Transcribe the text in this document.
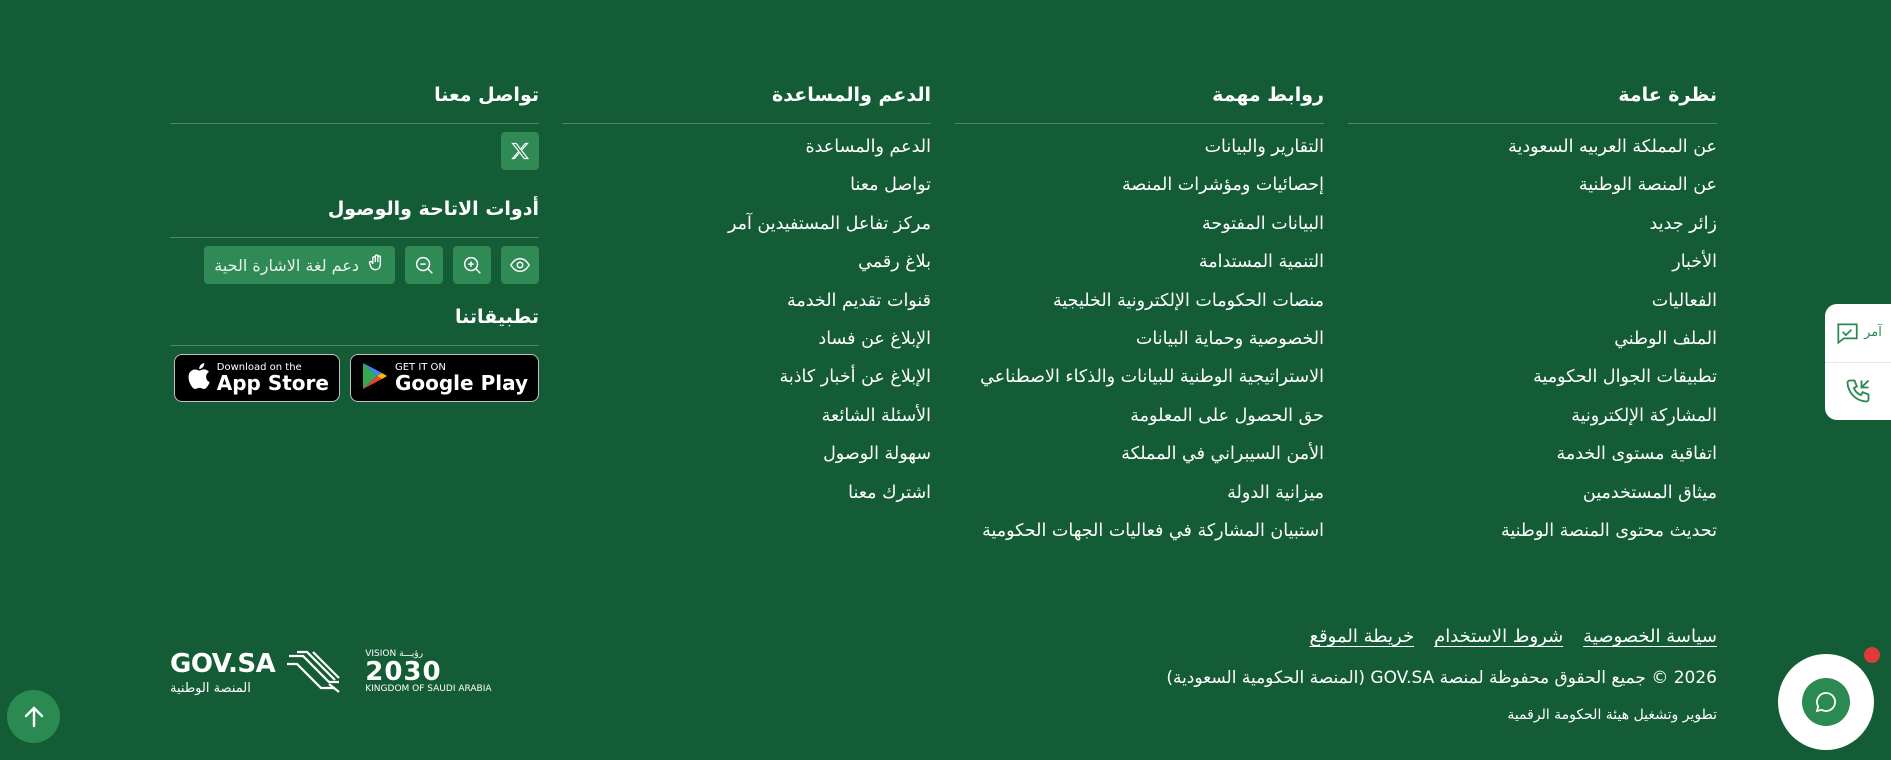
نظرة عامة
عن المملكة العربيه السعودية
عن المنصة الوطنية
زائر جديد
الأخبار
الفعاليات
الملف الوطني
تطبيقات الجوال الحكومية
المشاركة الإلكترونية
اتفاقية مستوى الخدمة
ميثاق المستخدمين
تحديث محتوى المنصة الوطنية
روابط مهمة
التقارير والبيانات
إحصائيات ومؤشرات المنصة
البيانات المفتوحة
التنمية المستدامة
منصات الحكومات الإلكترونية الخليجية
الخصوصية وحماية البيانات
الاستراتيجية الوطنية للبيانات والذكاء الاصطناعي
حق الحصول على المعلومة
الأمن السيبراني في المملكة
ميزانية الدولة
استبيان المشاركة في فعاليات الجهات الحكومية
الدعم والمساعدة
الدعم والمساعدة
تواصل معنا
مركز تفاعل المستفيدين آمر
بلاغ رقمي
قنوات تقديم الخدمة
الإبلاغ عن فساد
الإبلاغ عن أخبار كاذبة
الأسئلة الشائعة
سهولة الوصول
اشترك معنا
تواصل معنا
أدوات الاتاحة والوصول
دعم لغة الاشارة الحية
تطبيقاتنا
GET IT ON
Google Play
Download on the
App Store
سياسة الخصوصية
شروط الاستخدام
خريطة الموقع
2026 © جميع الحقوق محفوظة لمنصة GOV.SA (المنصة الحكومية السعودية)
تطوير وتشغيل هيئة الحكومة الرقمية
GOV.SA
المنصة الوطنية
VISION رؤيـــة
2030
KINGDOM OF SAUDI ARABIA
آمر
